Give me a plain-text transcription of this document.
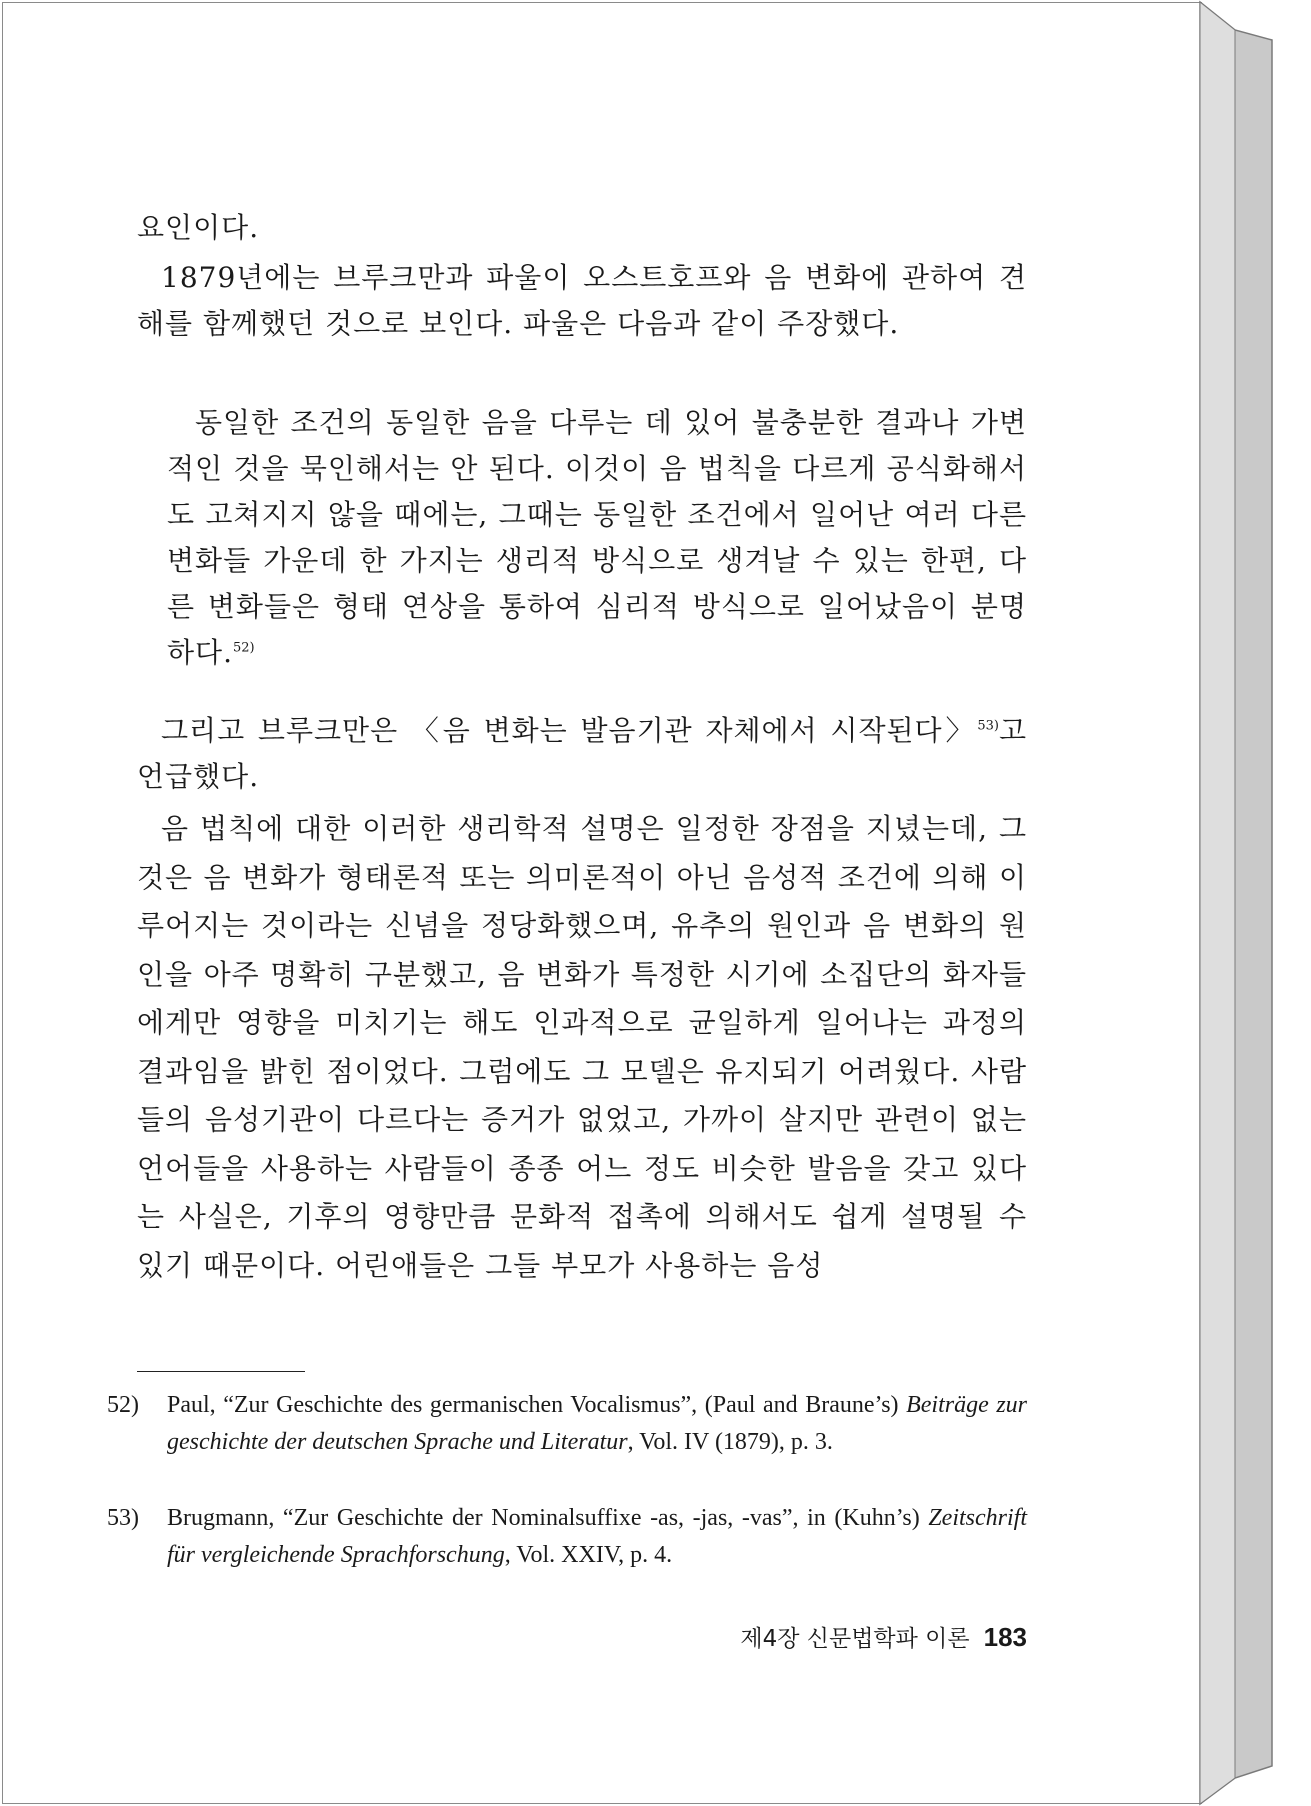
요인이다.
1879년에는 브루크만과 파울이 오스트호프와 음 변화에 관하여 견해를 함께했던 것으로 보인다. 파울은 다음과 같이 주장했다.
동일한 조건의 동일한 음을 다루는 데 있어 불충분한 결과나 가변적인 것을 묵인해서는 안 된다. 이것이 음 법칙을 다르게 공식화해서도 고쳐지지 않을 때에는, 그때는 동일한 조건에서 일어난 여러 다른 변화들 가운데 한 가지는 생리적 방식으로 생겨날 수 있는 한편, 다른 변화들은 형태 연상을 통하여 심리적 방식으로 일어났음이 분명하다.$^{52)}$
그리고 브루크만은 〈음 변화는 발음기관 자체에서 시작된다〉$^{53)}$고 언급했다.
음 법칙에 대한 이러한 생리학적 설명은 일정한 장점을 지녔는데, 그것은 음 변화가 형태론적 또는 의미론적이 아닌 음성적 조건에 의해 이루어지는 것이라는 신념을 정당화했으며, 유추의 원인과 음 변화의 원인을 아주 명확히 구분했고, 음 변화가 특정한 시기에 소집단의 화자들에게만 영향을 미치기는 해도 인과적으로 균일하게 일어나는 과정의 결과임을 밝힌 점이었다. 그럼에도 그 모델은 유지되기 어려웠다. 사람들의 음성기관이 다르다는 증거가 없었고, 가까이 살지만 관련이 없는 언어들을 사용하는 사람들이 종종 어느 정도 비슷한 발음을 갖고 있다는 사실은, 기후의 영향만큼 문화적 접촉에 의해서도 쉽게 설명될 수 있기 때문이다. 어린애들은 그들 부모가 사용하는 음성
52) Paul, “Zur Geschichte des germanischen Vocalismus”, (Paul and Braune’s) Beiträge zur geschichte der deutschen Sprache und Literatur, Vol. IV (1879), p. 3.
53) Brugmann, “Zur Geschichte der Nominalsuffixe -as, -jas, -vas”, in (Kuhn’s) Zeitschrift für vergleichende Sprachforschung, Vol. XXIV, p. 4.
제4장 신문법학파 이론 183
